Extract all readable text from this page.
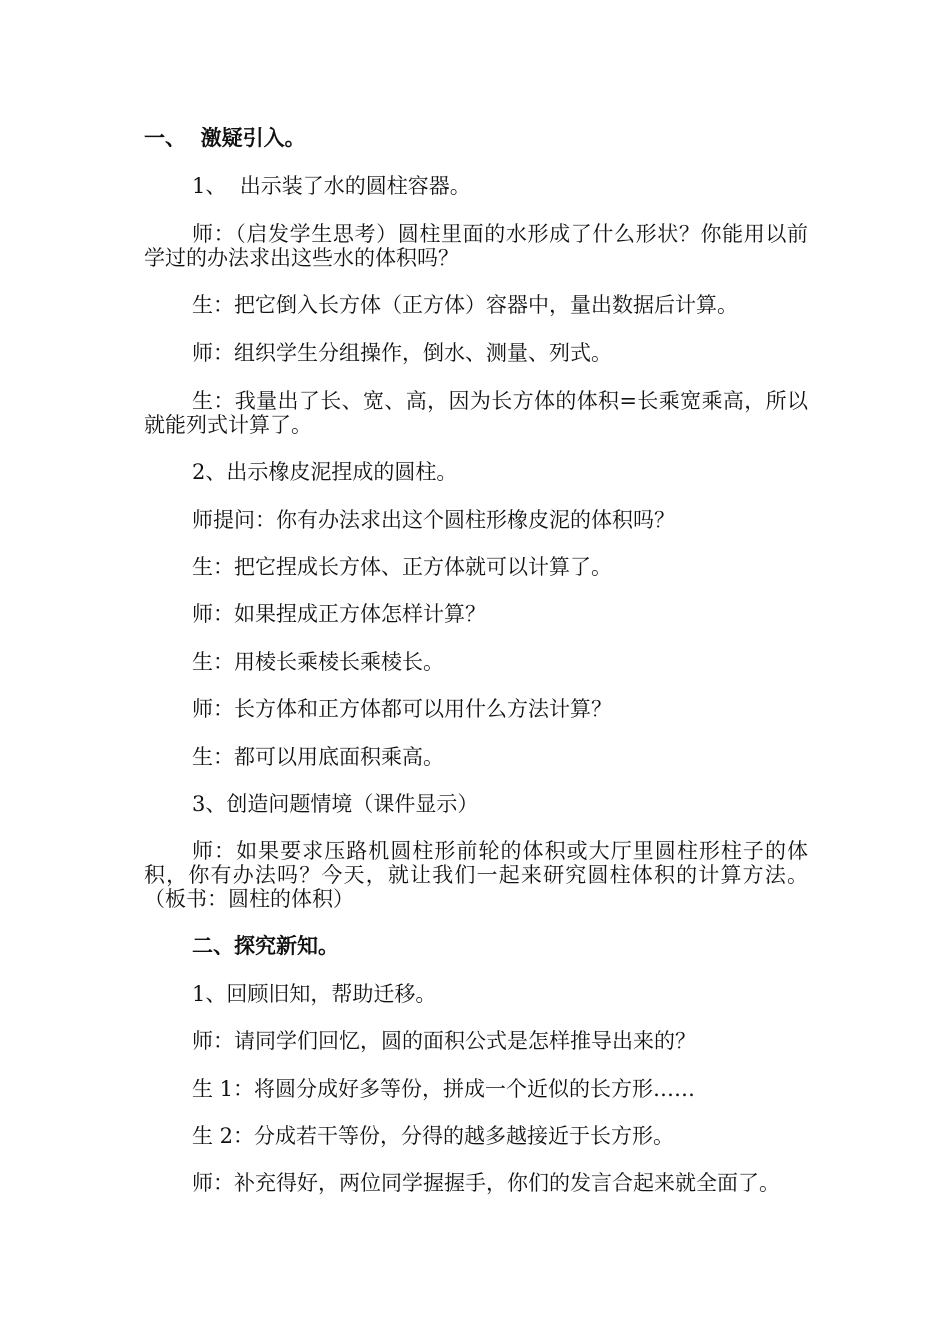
一、  激疑引入。

1、  出示装了水的圆柱容器。

师：（启发学生思考）圆柱里面的水形成了什么形状？你能用以前学过的办法求出这些水的体积吗？

生：把它倒入长方体（正方体）容器中，量出数据后计算。

师：组织学生分组操作，倒水、测量、列式。

生：我量出了长、宽、高，因为长方体的体积=长乘宽乘高，所以就能列式计算了。

2、出示橡皮泥捏成的圆柱。

师提问：你有办法求出这个圆柱形橡皮泥的体积吗？

生：把它捏成长方体、正方体就可以计算了。

师：如果捏成正方体怎样计算？

生：用棱长乘棱长乘棱长。

师：长方体和正方体都可以用什么方法计算？

生：都可以用底面积乘高。

3、创造问题情境（课件显示）

师：如果要求压路机圆柱形前轮的体积或大厅里圆柱形柱子的体积，你有办法吗？今天，就让我们一起来研究圆柱体积的计算方法。 （板书：圆柱的体积）

二、探究新知。

1、回顾旧知，帮助迁移。

师：请同学们回忆，圆的面积公式是怎样推导出来的？

生 1：将圆分成好多等份，拼成一个近似的长方形……

生 2：分成若干等份，分得的越多越接近于长方形。

师：补充得好，两位同学握握手，你们的发言合起来就全面了。
